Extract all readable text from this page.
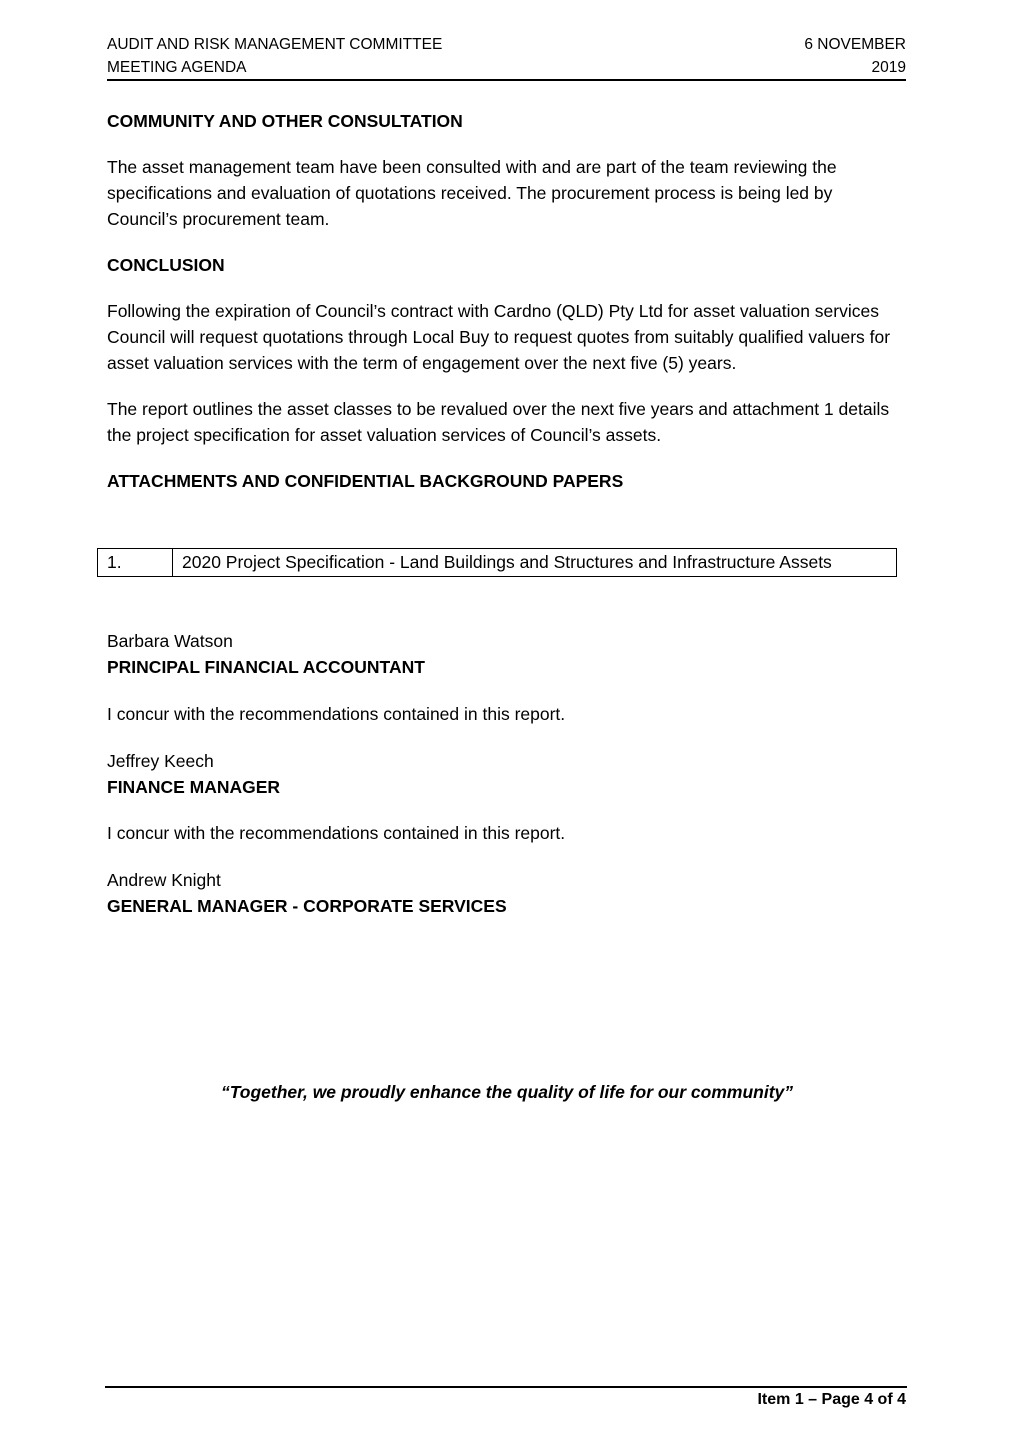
AUDIT AND RISK MANAGEMENT COMMITTEE
MEETING AGENDA
6 NOVEMBER
2019

COMMUNITY AND OTHER CONSULTATION

The asset management team have been consulted with and are part of the team reviewing the specifications and evaluation of quotations received. The procurement process is being led by Council’s procurement team.

CONCLUSION

Following the expiration of Council’s contract with Cardno (QLD) Pty Ltd for asset valuation services Council will request quotations through Local Buy to request quotes from suitably qualified valuers for asset valuation services with the term of engagement over the next five (5) years.

The report outlines the asset classes to be revalued over the next five years and attachment 1 details the project specification for asset valuation services of Council’s assets.

ATTACHMENTS AND CONFIDENTIAL BACKGROUND PAPERS

1.	2020 Project Specification - Land Buildings and Structures and Infrastructure Assets
Barbara Watson
PRINCIPAL FINANCIAL ACCOUNTANT
I concur with the recommendations contained in this report.
Jeffrey Keech
FINANCE MANAGER
I concur with the recommendations contained in this report.
Andrew Knight
GENERAL MANAGER - CORPORATE SERVICES
“Together, we proudly enhance the quality of life for our community”
Item 1 – Page 4 of 4
